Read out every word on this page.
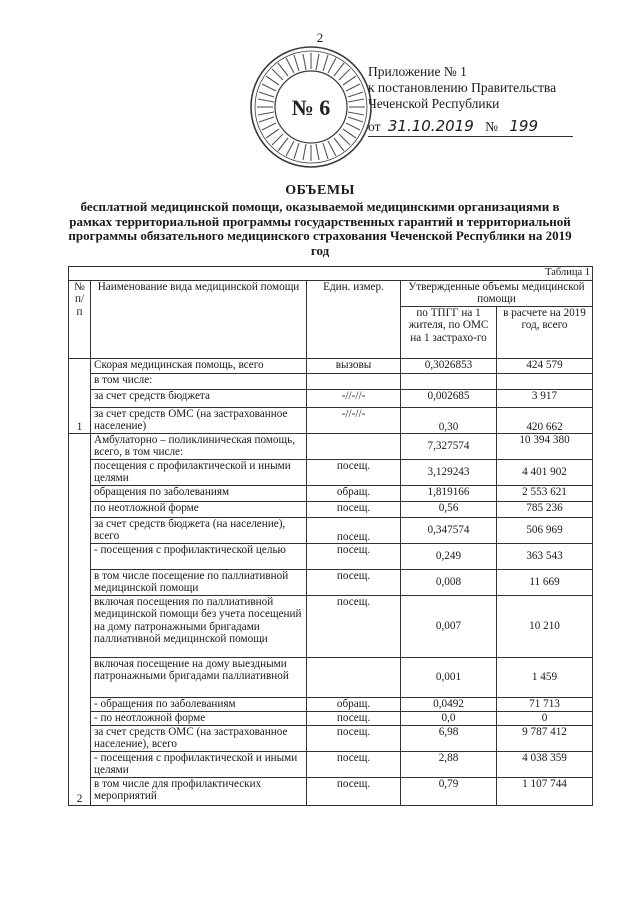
2
№ 6
Приложение № 1
к постановлению Правительства
Чеченской Республики
от 31.10.2019 № 199
ОБЪЕМЫ
бесплатной медицинской помощи, оказываемой медицинскими организациями в рамках территориальной программы государственных гарантий и территориальной программы обязательного медицинского страхования Чеченской Республики на 2019 год
				Таблица 1
№ п/п	Наименование вида медицинской помощи	Един. измер.	Утвержденные объемы медицинской помощи	
			по ТПГГ на 1 жителя, по ОМС на 1 застрахо-го	в расчете на 2019 год, всего
1	Скорая медицинская помощь, всего	вызовы	0,3026853	424 579
	в том числе:			
	за счет средств бюджета	-//-//-	0,002685	3 917
	за счет средств ОМС (на застрахованное население)	-//-//-	0,30	420 662
2	Амбулаторно – поликлиническая помощь, всего, в том числе:		7,327574	10 394 380
	посещения с профилактической и иными целями	посещ.	3,129243	4 401 902
	обращения по заболеваниям	обращ.	1,819166	2 553 621
	по неотложной форме	посещ.	0,56	785 236
	за счет средств бюджета (на население), всего	посещ.	0,347574	506 969
	- посещения с профилактической целью	посещ.	0,249	363 543
	в том числе посещение по паллиативной медицинской помощи	посещ.	0,008	11 669
	включая посещения по паллиативной медицинской помощи без учета посещений на дому патронажными бригадами паллиативной медицинской помощи	посещ.	0,007	10 210
	включая посещение на дому выездными патронажными бригадами паллиативной		0,001	1 459
	- обращения по заболеваниям	обращ.	0,0492	71 713
	- по неотложной форме	посещ.	0,0	0
	за счет средств ОМС (на застрахованное население), всего	посещ.	6,98	9 787 412
	- посещения с профилактической и иными целями	посещ.	2,88	4 038 359
	в том числе для профилактических мероприятий	посещ.	0,79	1 107 744
